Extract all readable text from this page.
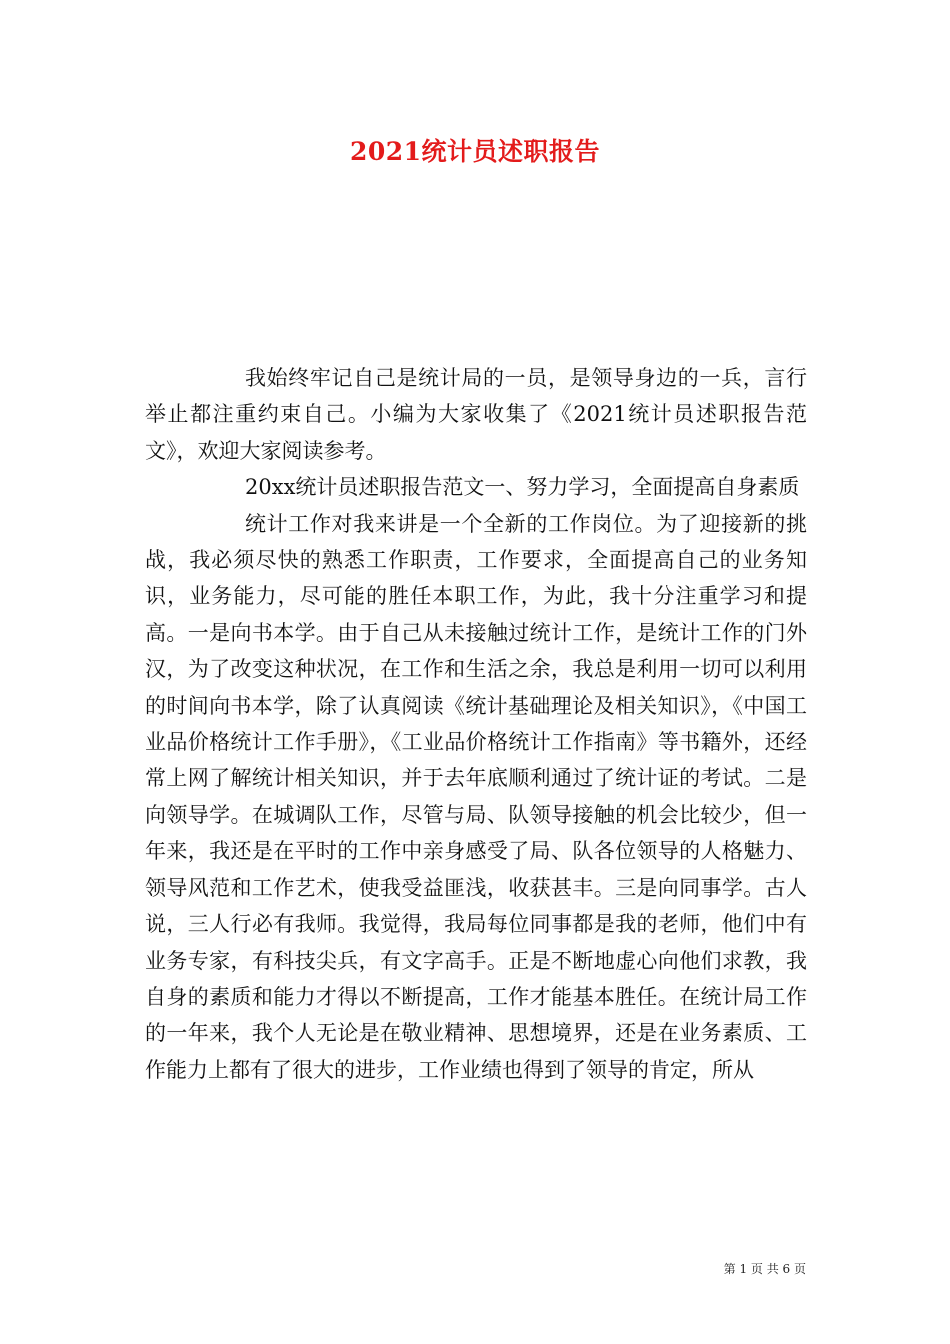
2021统计员述职报告

我始终牢记自己是统计局的一员，是领导身边的一兵，言行举止都注重约束自己。小编为大家收集了《2021统计员述职报告范文》，欢迎大家阅读参考。

20xx统计员述职报告范文一、努力学习，全面提高自身素质

统计工作对我来讲是一个全新的工作岗位。为了迎接新的挑战，我必须尽快的熟悉工作职责，工作要求，全面提高自己的业务知识，业务能力，尽可能的胜任本职工作，为此，我十分注重学习和提高。一是向书本学。由于自己从未接触过统计工作，是统计工作的门外汉，为了改变这种状况，在工作和生活之余，我总是利用一切可以利用的时间向书本学，除了认真阅读《统计基础理论及相关知识》，《中国工业品价格统计工作手册》，《工业品价格统计工作指南》等书籍外，还经常上网了解统计相关知识，并于去年底顺利通过了统计证的考试。二是向领导学。在城调队工作，尽管与局、队领导接触的机会比较少，但一年来，我还是在平时的工作中亲身感受了局、队各位领导的人格魅力、领导风范和工作艺术，使我受益匪浅，收获甚丰。三是向同事学。古人说，三人行必有我师。我觉得，我局每位同事都是我的老师，他们中有业务专家，有科技尖兵，有文字高手。正是不断地虚心向他们求教，我自身的素质和能力才得以不断提高，工作才能基本胜任。在统计局工作的一年来，我个人无论是在敬业精神、思想境界，还是在业务素质、工作能力上都有了很大的进步，工作业绩也得到了领导的肯定，所从

第 1 页 共 6 页
